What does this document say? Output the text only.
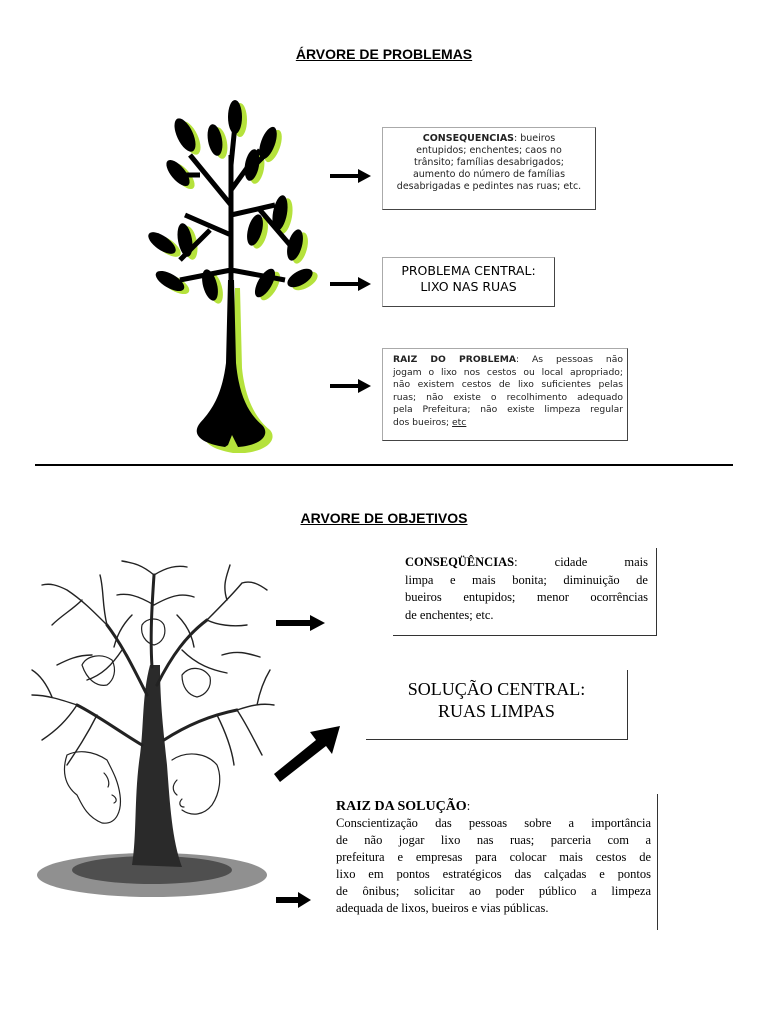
ÁRVORE DE PROBLEMAS
CONSEQUENCIAS: bueiros
entupidos; enchentes; caos no
trânsito; famílias desabrigados;
aumento do número de famílias
desabrigadas e pedintes nas ruas; etc.
PROBLEMA CENTRAL:
LIXO NAS RUAS
RAIZ DO PROBLEMA: As pessoas não
jogam o lixo nos cestos ou local apropriado;
não existem cestos de lixo suficientes pelas
ruas; não existe o recolhimento adequado
pela Prefeitura; não existe limpeza regular
dos bueiros; etc
ARVORE DE OBJETIVOS
CONSEQÜÊNCIAS: cidade mais
limpa e mais bonita; diminuição de
bueiros entupidos; menor ocorrências
de enchentes; etc.
SOLUÇÃO CENTRAL:
RUAS LIMPAS
RAIZ DA SOLUÇÃO:
Conscientização das pessoas sobre a importância
de não jogar lixo nas ruas; parceria com a
prefeitura e empresas para colocar mais cestos de
lixo em pontos estratégicos das calçadas e pontos
de ônibus; solicitar ao poder público a limpeza
adequada de lixos, bueiros e vias públicas.
